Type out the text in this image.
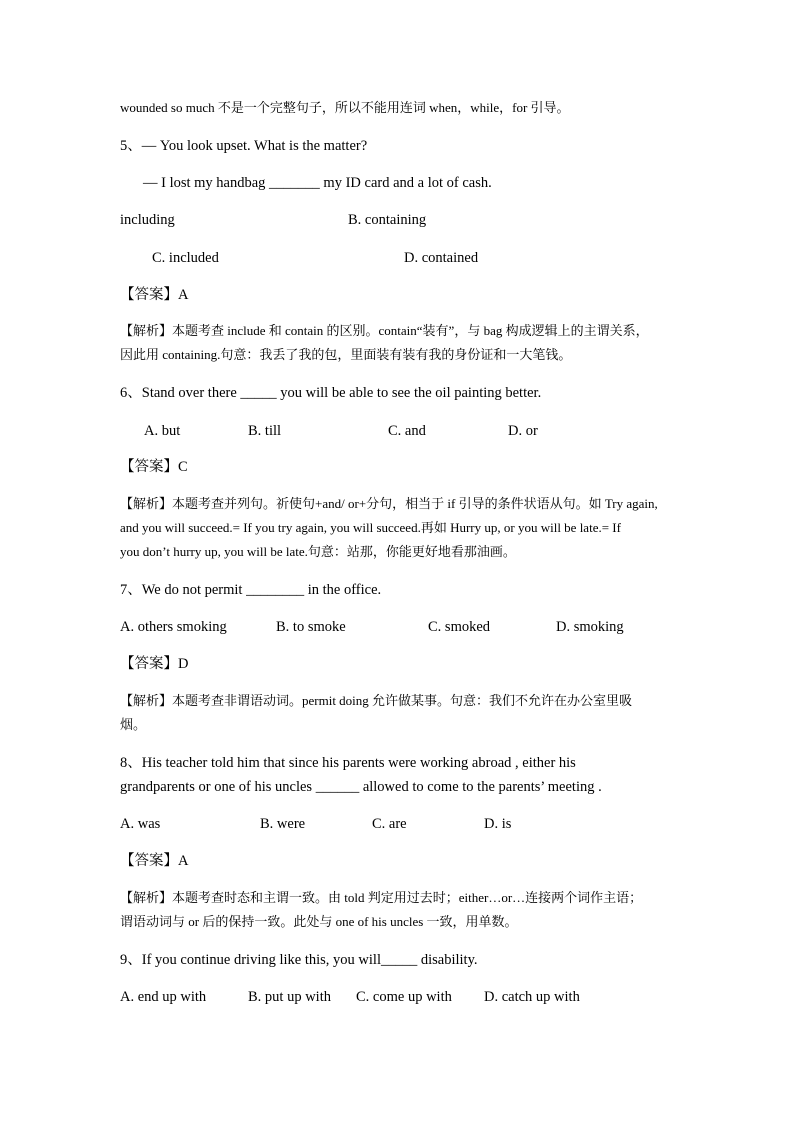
wounded so much 不是一个完整句子，所以不能用连词 when，while，for 引导。
5、— You look upset. What is the matter?
— I lost my handbag _______ my ID card and a lot of cash.
including	B. containing
C. included	D. contained
【答案】A
【解析】本题考查 include 和 contain 的区别。contain“装有”，与 bag 构成逻辑上的主谓关系，
因此用 containing.句意：我丢了我的包，里面装有装有我的身份证和一大笔钱。
6、Stand over there _____ you will be able to see the oil painting better.
A. but	B. till	C. and	D. or
【答案】C
【解析】本题考查并列句。祈使句+and/ or+分句，相当于 if 引导的条件状语从句。如 Try again,
and you will succeed.= If you try again, you will succeed.再如 Hurry up, or you will be late.= If
you don’t hurry up, you will be late.句意：站那，你能更好地看那油画。
7、We do not permit ________ in the office.
A. others smoking	B. to smoke	C. smoked	D. smoking
【答案】D
【解析】本题考查非谓语动词。permit doing 允许做某事。句意：我们不允许在办公室里吸
烟。
8、His teacher told him that since his parents were working abroad , either his
grandparents or one of his uncles ______ allowed to come to the parents’ meeting .
A. was	B. were	C. are	D. is
【答案】A
【解析】本题考查时态和主谓一致。由 told 判定用过去时；either…or…连接两个词作主语；
谓语动词与 or 后的保持一致。此处与 one of his uncles 一致，用单数。
9、If you continue driving like this, you will_____ disability.
A. end up with	B. put up with C. come up with D. catch up with
